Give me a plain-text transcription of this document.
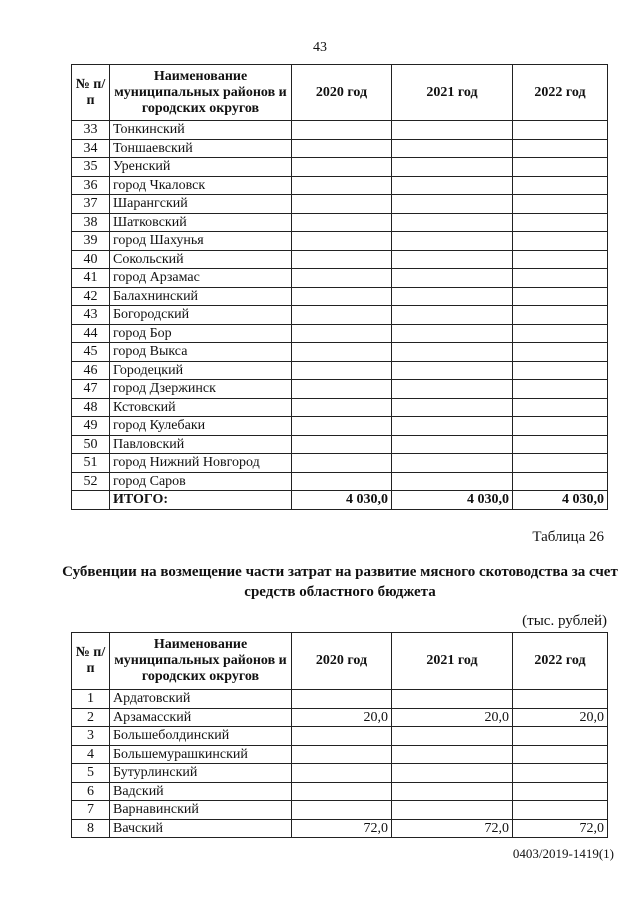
43
№ п/п	Наименование муниципальных районов и городских округов	2020 год	2021 год	2022 год
33	Тонкинский			
34	Тоншаевский			
35	Уренский			
36	город Чкаловск			
37	Шарангский			
38	Шатковский			
39	город Шахунья			
40	Сокольский			
41	город Арзамас			
42	Балахнинский			
43	Богородский			
44	город Бор			
45	город Выкса			
46	Городецкий			
47	город Дзержинск			
48	Кстовский			
49	город Кулебаки			
50	Павловский			
51	город Нижний Новгород			
52	город Саров			
	ИТОГО:	4 030,0	4 030,0	4 030,0
Таблица 26
Субвенции на возмещение части затрат на развитие мясного скотоводства за счет средств областного бюджета
(тыс. рублей)
№ п/п	Наименование муниципальных районов и городских округов	2020 год	2021 год	2022 год
1	Ардатовский			
2	Арзамасский	20,0	20,0	20,0
3	Большеболдинский			
4	Большемурашкинский			
5	Бутурлинский			
6	Вадский			
7	Варнавинский			
8	Вачский	72,0	72,0	72,0
0403/2019-1419(1)
